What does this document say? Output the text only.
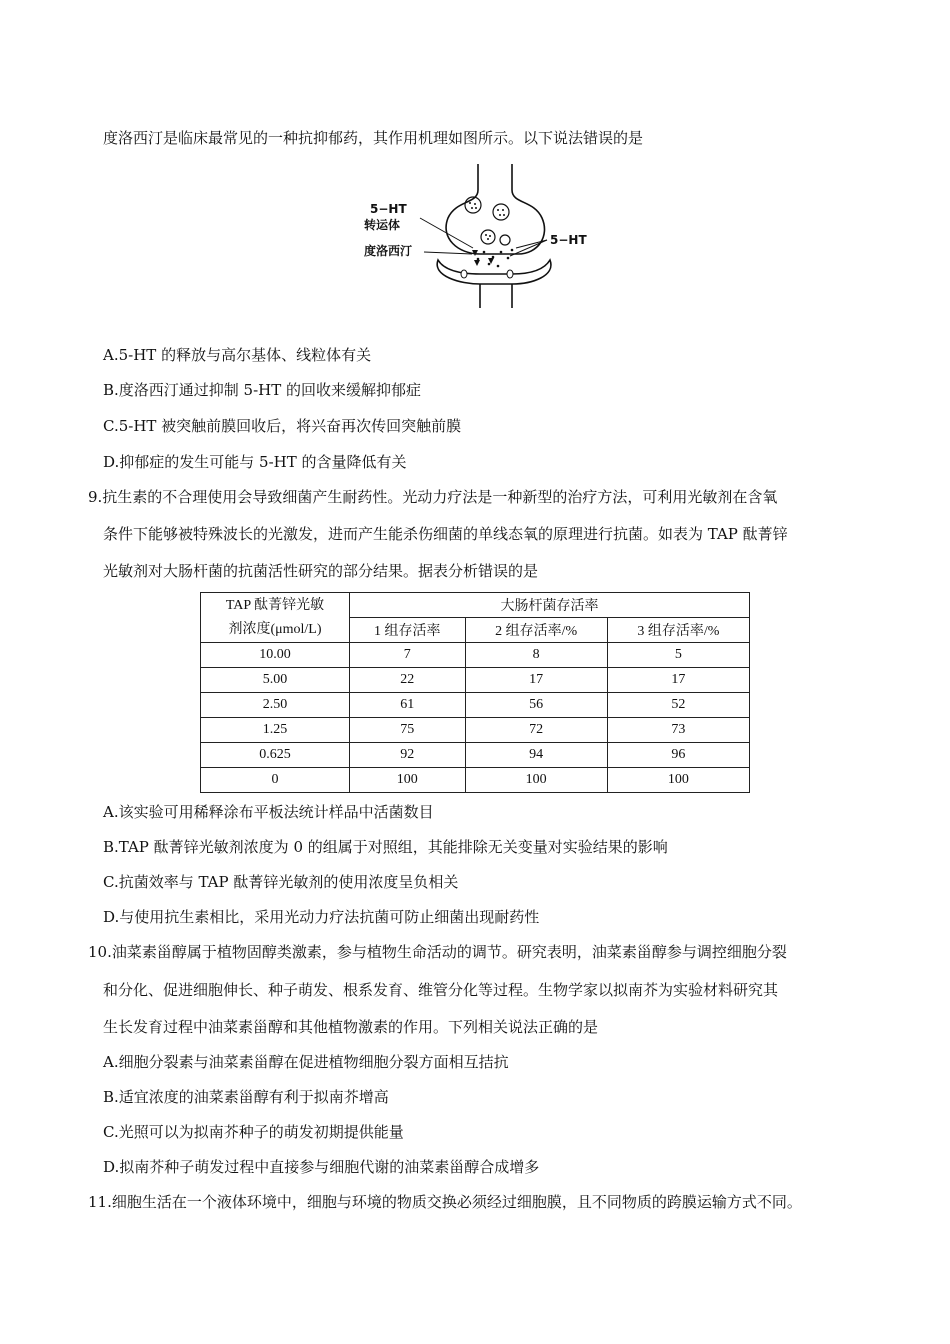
度洛西汀是临床最常见的一种抗抑郁药，其作用机理如图所示。以下说法错误的是
5−HT
转运体
度洛西汀
5−HT
A.5-HT 的释放与高尔基体、线粒体有关
B.度洛西汀通过抑制 5-HT 的回收来缓解抑郁症
C.5-HT 被突触前膜回收后，将兴奋再次传回突触前膜
D.抑郁症的发生可能与 5-HT 的含量降低有关
9.抗生素的不合理使用会导致细菌产生耐药性。光动力疗法是一种新型的治疗方法，可利用光敏剂在含氧
条件下能够被特殊波长的光激发，进而产生能杀伤细菌的单线态氧的原理进行抗菌。如表为 TAP 酞菁锌
光敏剂对大肠杆菌的抗菌活性研究的部分结果。据表分析错误的是
TAP 酞菁锌光敏
剂浓度(μmol/L)	大肠杆菌存活率		
	1 组存活率	2 组存活率/%	3 组存活率/%
10.00	7	8	5
5.00	22	17	17
2.50	61	56	52
1.25	75	72	73
0.625	92	94	96
0	100	100	100
A.该实验可用稀释涂布平板法统计样品中活菌数目
B.TAP 酞菁锌光敏剂浓度为 0 的组属于对照组，其能排除无关变量对实验结果的影响
C.抗菌效率与 TAP 酞菁锌光敏剂的使用浓度呈负相关
D.与使用抗生素相比，采用光动力疗法抗菌可防止细菌出现耐药性
10.油菜素甾醇属于植物固醇类激素，参与植物生命活动的调节。研究表明，油菜素甾醇参与调控细胞分裂
和分化、促进细胞伸长、种子萌发、根系发育、维管分化等过程。生物学家以拟南芥为实验材料研究其
生长发育过程中油菜素甾醇和其他植物激素的作用。下列相关说法正确的是
A.细胞分裂素与油菜素甾醇在促进植物细胞分裂方面相互拮抗
B.适宜浓度的油菜素甾醇有利于拟南芥增高
C.光照可以为拟南芥种子的萌发初期提供能量
D.拟南芥种子萌发过程中直接参与细胞代谢的油菜素甾醇合成增多
11.细胞生活在一个液体环境中，细胞与环境的物质交换必须经过细胞膜，且不同物质的跨膜运输方式不同。
